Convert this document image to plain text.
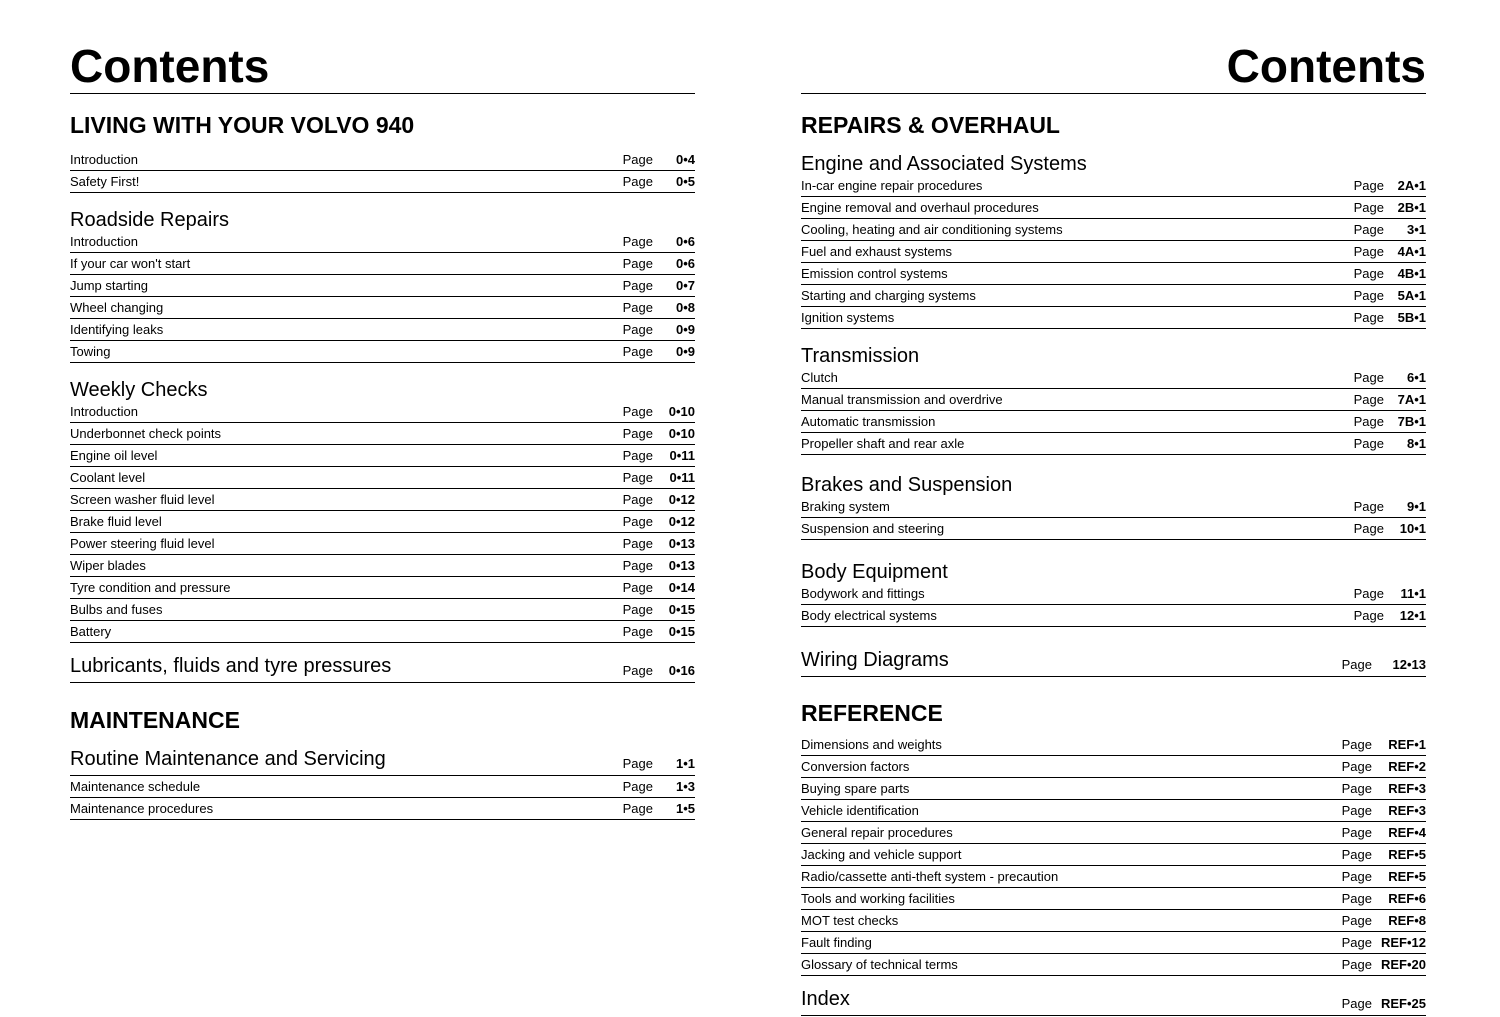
Contents
LIVING WITH YOUR VOLVO 940
Introduction	Page 0•4
Safety First!	Page 0•5
Roadside Repairs
Introduction	Page 0•6
If your car won't start	Page 0•6
Jump starting	Page 0•7
Wheel changing	Page 0•8
Identifying leaks	Page 0•9
Towing	Page 0•9
Weekly Checks
Introduction	Page 0•10
Underbonnet check points	Page 0•10
Engine oil level	Page 0•11
Coolant level	Page 0•11
Screen washer fluid level	Page 0•12
Brake fluid level	Page 0•12
Power steering fluid level	Page 0•13
Wiper blades	Page 0•13
Tyre condition and pressure	Page 0•14
Bulbs and fuses	Page 0•15
Battery	Page 0•15
Lubricants, fluids and tyre pressures	Page 0•16
MAINTENANCE
Routine Maintenance and Servicing	Page 1•1
Maintenance schedule	Page 1•3
Maintenance procedures	Page 1•5
Contents
REPAIRS & OVERHAUL
Engine and Associated Systems
In-car engine repair procedures	Page 2A•1
Engine removal and overhaul procedures	Page 2B•1
Cooling, heating and air conditioning systems	Page 3•1
Fuel and exhaust systems	Page 4A•1
Emission control systems	Page 4B•1
Starting and charging systems	Page 5A•1
Ignition systems	Page 5B•1
Transmission
Clutch	Page 6•1
Manual transmission and overdrive	Page 7A•1
Automatic transmission	Page 7B•1
Propeller shaft and rear axle	Page 8•1
Brakes and Suspension
Braking system	Page 9•1
Suspension and steering	Page 10•1
Body Equipment
Bodywork and fittings	Page 11•1
Body electrical systems	Page 12•1
Wiring Diagrams	Page 12•13
REFERENCE
Dimensions and weights	Page REF•1
Conversion factors	Page REF•2
Buying spare parts	Page REF•3
Vehicle identification	Page REF•3
General repair procedures	Page REF•4
Jacking and vehicle support	Page REF•5
Radio/cassette anti-theft system - precaution	Page REF•5
Tools and working facilities	Page REF•6
MOT test checks	Page REF•8
Fault finding	Page REF•12
Glossary of technical terms	Page REF•20
Index	Page REF•25
